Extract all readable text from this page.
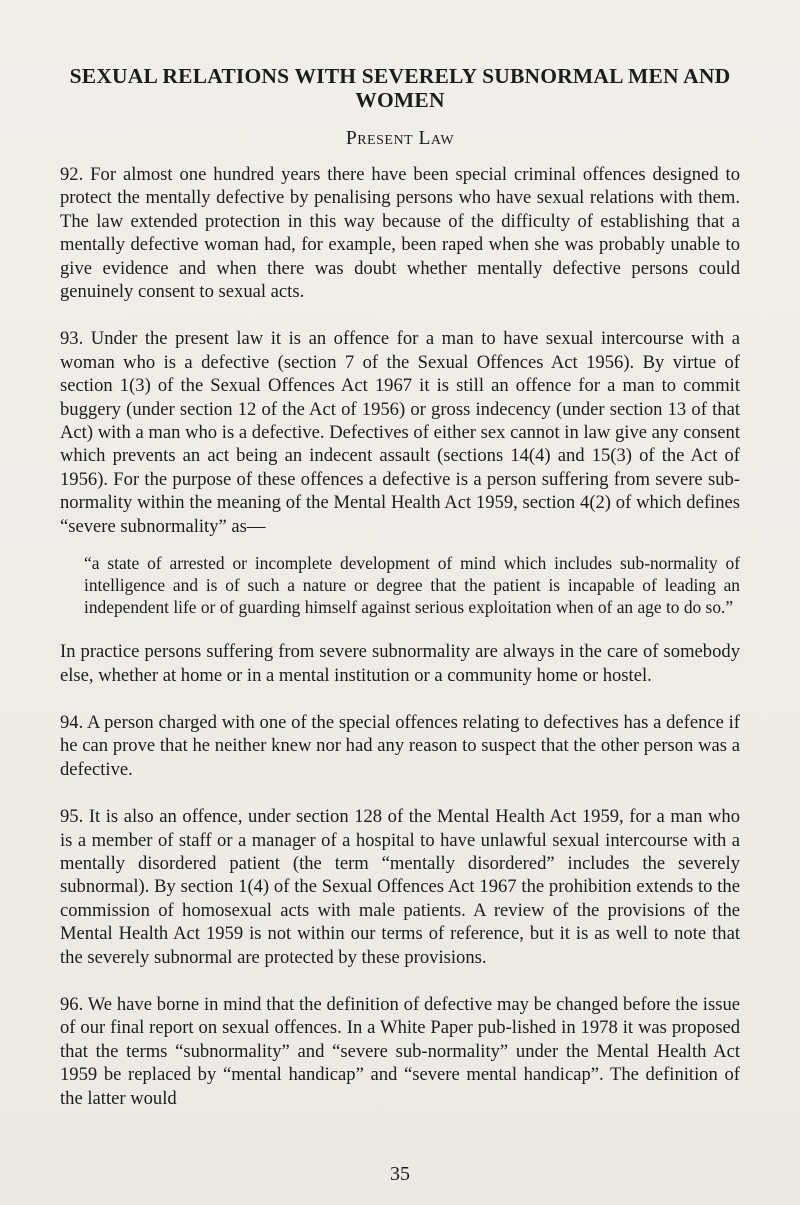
SEXUAL RELATIONS WITH SEVERELY SUBNORMAL MEN AND WOMEN
Present Law

92. For almost one hundred years there have been special criminal offences designed to protect the mentally defective by penalising persons who have sexual relations with them. The law extended protection in this way because of the difficulty of establishing that a mentally defective woman had, for example, been raped when she was probably unable to give evidence and when there was doubt whether mentally defective persons could genuinely consent to sexual acts.

93. Under the present law it is an offence for a man to have sexual intercourse with a woman who is a defective (section 7 of the Sexual Offences Act 1956). By virtue of section 1(3) of the Sexual Offences Act 1967 it is still an offence for a man to commit buggery (under section 12 of the Act of 1956) or gross indecency (under section 13 of that Act) with a man who is a defective. Defectives of either sex cannot in law give any consent which prevents an act being an indecent assault (sections 14(4) and 15(3) of the Act of 1956). For the purpose of these offences a defective is a person suffering from severe sub-normality within the meaning of the Mental Health Act 1959, section 4(2) of which defines “severe subnormality” as—

“a state of arrested or incomplete development of mind which includes sub-normality of intelligence and is of such a nature or degree that the patient is incapable of leading an independent life or of guarding himself against serious exploitation when of an age to do so.”

In practice persons suffering from severe subnormality are always in the care of somebody else, whether at home or in a mental institution or a community home or hostel.

94. A person charged with one of the special offences relating to defectives has a defence if he can prove that he neither knew nor had any reason to suspect that the other person was a defective.

95. It is also an offence, under section 128 of the Mental Health Act 1959, for a man who is a member of staff or a manager of a hospital to have unlawful sexual intercourse with a mentally disordered patient (the term “mentally disordered” includes the severely subnormal). By section 1(4) of the Sexual Offences Act 1967 the prohibition extends to the commission of homosexual acts with male patients. A review of the provisions of the Mental Health Act 1959 is not within our terms of reference, but it is as well to note that the severely subnormal are protected by these provisions.

96. We have borne in mind that the definition of defective may be changed before the issue of our final report on sexual offences. In a White Paper pub-lished in 1978 it was proposed that the terms “subnormality” and “severe sub-normality” under the Mental Health Act 1959 be replaced by “mental handicap” and “severe mental handicap”. The definition of the latter would

35
